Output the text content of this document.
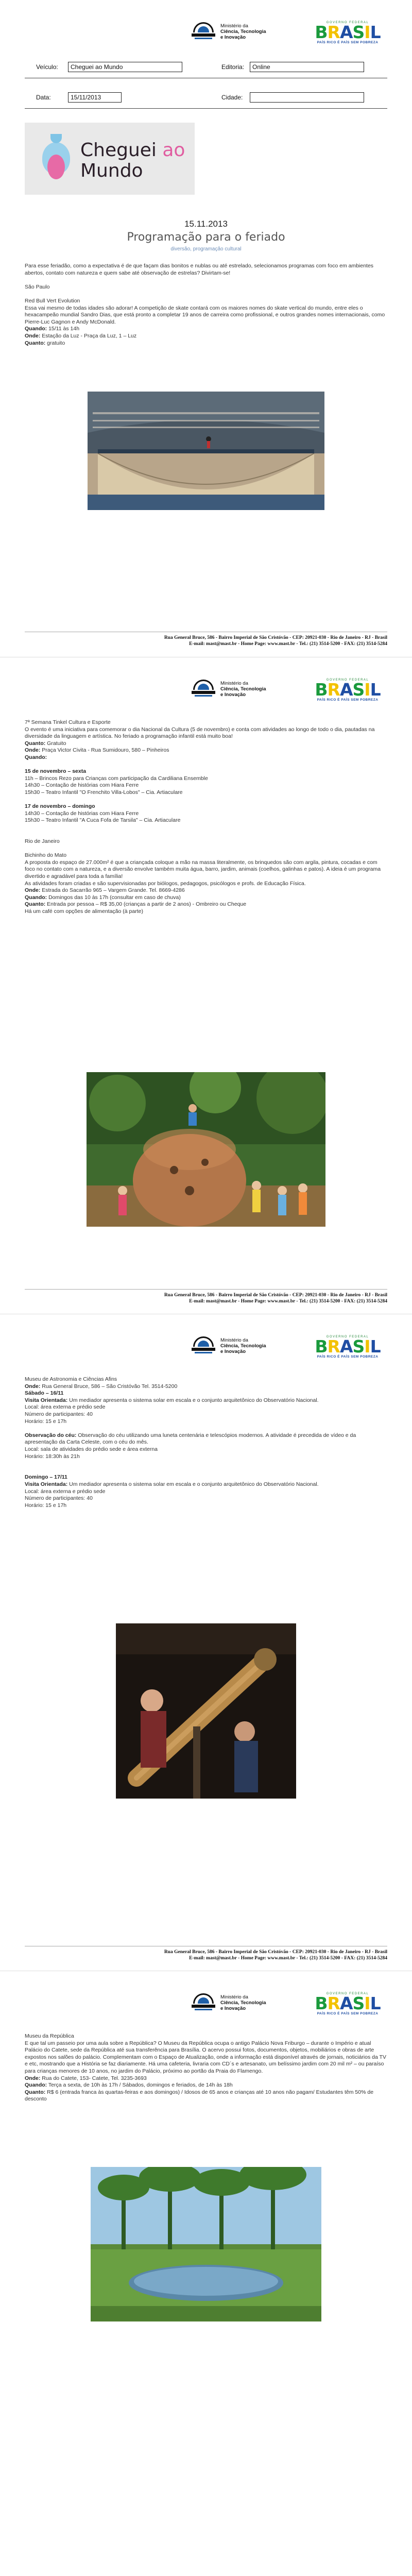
Ministério da
Ciência, Tecnologia
e Inovação
GOVERNO FEDERAL
BRASIL
PAÍS RICO É PAÍS SEM POBREZA
Veículo:	Cheguei ao Mundo	Editoria:	Online
Data:	15/11/2013	Cidade:
Cheguei ao
Mundo
15.11.2013
Programação para o feriado
diversão, programação cultural

Para esse feriadão, como a expectativa é de que façam dias bonitos e nublas ou até estrelado, selecionamos programas com foco em ambientes abertos, contato com natureza e quem sabe até observação de estrelas? Divirtam-se!

São Paulo

Red Bull Vert Evolution

Essa vai mesmo de todas idades são adorar! A competição de skate contará com os maiores nomes do skate vertical do mundo, entre eles o hexacampeão mundial Sandro Dias, que está pronto a completar 19 anos de carreira como profissional, e outros grandes nomes internacionais, como Pierre-Luc Gagnon e Andy McDonald.

Quando: 15/11 às 14h

Onde: Estação da Luz - Praça da Luz, 1 – Luz

Quanto: gratuito

Rua General Bruce, 586 - Bairro Imperial de São Cristóvão - CEP: 20921-030 - Rio de Janeiro - RJ - Brasil
E-mail: mast@mast.br - Home Page: www.mast.br - Tel.: (21) 3514-5200 - FAX: (21) 3514-5284
Ministério da
Ciência, Tecnologia
e Inovação
GOVERNO FEDERAL
BRASIL
PAÍS RICO É PAÍS SEM POBREZA

7ª Semana Tinkel Cultura e Esporte

O evento é uma iniciativa para comemorar o dia Nacional da Cultura (5 de novembro) e conta com atividades ao longo de todo o dia, pautadas na diversidade da linguagem e artística. No feriado a programação infantil está muito boa!

Quanto: Gratuito

Onde: Praça Victor Civita - Rua Sumidouro, 580 – Pinheiros

Quando:

15 de novembro – sexta

11h – Brincos Rezo para Crianças com participação da Cardiliana Ensemble

14h30 – Contação de histórias com Hiara Ferre

15h30 – Teatro Infantil "O Frenchito Villa-Lobos" – Cia. Artiaculare

17 de novembro – domingo

14h30 – Contação de histórias com Hiara Ferre

15h30 – Teatro Infantil "A Cuca Fofa de Tarsila" – Cia. Artiaculare

Rio de Janeiro

Bichinho do Mato

A proposta do espaço de 27.000m² é que a criançada coloque a mão na massa literalmente, os brinquedos são com argila, pintura, cocadas e com foco no contato com a natureza, e a diversão envolve também muita água, barro, jardim, animais (coelhos, galinhas e patos). A ideia é um programa divertido e agradável para toda a família!

As atividades foram criadas e são supervisionadas por biólogos, pedagogos, psicólogos e profs. de Educação Física.

Onde: Estrada do Sacarrão 965 – Vargem Grande. Tel. 8669-4286

Quando: Domingos das 10 às 17h (consultar em caso de chuva)

Quanto: Entrada por pessoa – R$ 35,00 (crianças a partir de 2 anos) - Ombreiro ou Cheque

Há um café com opções de alimentação (à parte)

Rua General Bruce, 586 - Bairro Imperial de São Cristóvão - CEP: 20921-030 - Rio de Janeiro - RJ - Brasil
E-mail: mast@mast.br - Home Page: www.mast.br - Tel.: (21) 3514-5200 - FAX: (21) 3514-5284
Ministério da
Ciência, Tecnologia
e Inovação
GOVERNO FEDERAL
BRASIL
PAÍS RICO É PAÍS SEM POBREZA

Museu de Astronomia e Ciências Afins

Onde: Rua General Bruce, 586 – São Cristóvão Tel. 3514-5200

Sábado – 16/11

Visita Orientada: Um mediador apresenta o sistema solar em escala e o conjunto arquitetônico do Observatório Nacional.

Local: área externa e prédio sede

Número de participantes: 40

Horário: 15 e 17h

Observação do céu: Observação do céu utilizando uma luneta centenária e telescópios modernos. A atividade é precedida de vídeo e da apresentação da Carta Celeste, com o céu do mês.

Local: sala de atividades do prédio sede e área externa

Horário: 18:30h às 21h

Domingo – 17/11

Visita Orientada: Um mediador apresenta o sistema solar em escala e o conjunto arquitetônico do Observatório Nacional.

Local: área externa e prédio sede

Número de participantes: 40

Horário: 15 e 17h

Rua General Bruce, 586 - Bairro Imperial de São Cristóvão - CEP: 20921-030 - Rio de Janeiro - RJ - Brasil
E-mail: mast@mast.br - Home Page: www.mast.br - Tel.: (21) 3514-5200 - FAX: (21) 3514-5284
Ministério da
Ciência, Tecnologia
e Inovação
GOVERNO FEDERAL
BRASIL
PAÍS RICO É PAÍS SEM POBREZA

Museu da República

E que tal um passeio por uma aula sobre a República? O Museu da República ocupa o antigo Palácio Nova Friburgo – durante o Império e atual Palácio do Catete, sede da República até sua transferência para Brasília. O acervo possui fotos, documentos, objetos, mobiliários e obras de arte expostos nos salões do palácio. Complementam com o Espaço de Atualização, onde a informação está disponível através de jornais, noticiários da TV e etc, mostrando que a História se faz diariamente. Há uma cafeteria, livraria com CD´s e artesanato, um belíssimo jardim com 20 mil m² – ou paraíso para crianças menores de 10 anos, no jardim do Palácio, próximo ao portão da Praia do Flamengo.

Onde: Rua do Catete, 153- Catete, Tel. 3235-3693

Quando: Terça a sexta, de 10h às 17h / Sábados, domingos e feriados, de 14h às 18h

Quanto: R$ 6 (entrada franca às quartas-feiras e aos domingos) / Idosos de 65 anos e crianças até 10 anos não pagam/ Estudantes têm 50% de desconto
